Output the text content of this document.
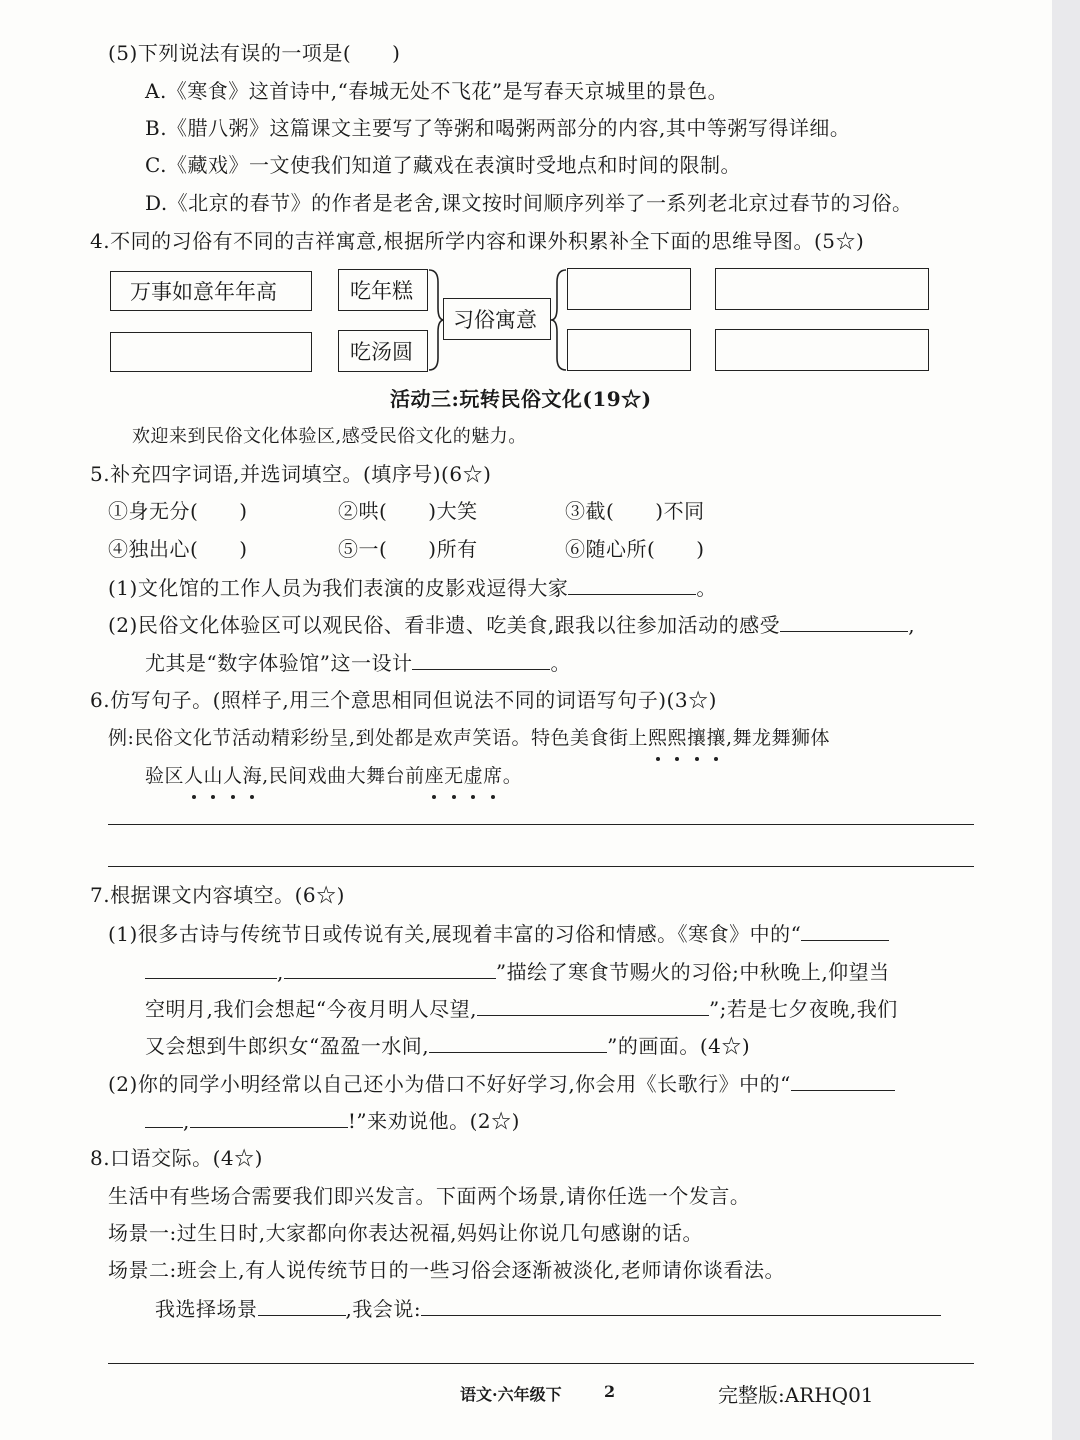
(5)下列说法有误的一项是(　　)
A.《寒食》这首诗中,“春城无处不飞花”是写春天京城里的景色。
B.《腊八粥》这篇课文主要写了等粥和喝粥两部分的内容,其中等粥写得详细。
C.《藏戏》一文使我们知道了藏戏在表演时受地点和时间的限制。
D.《北京的春节》的作者是老舍,课文按时间顺序列举了一系列老北京过春节的习俗。
4.不同的习俗有不同的吉祥寓意,根据所学内容和课外积累补全下面的思维导图。(5☆)
万事如意年年高	吃年糕
吃汤圆
习俗寓意
活动三:玩转民俗文化(19☆)
欢迎来到民俗文化体验区,感受民俗文化的魅力。
5.补充四字词语,并选词填空。(填序号)(6☆)
①身无分(　　)	②哄(　　)大笑	③截(　　)不同
④独出心(　　)	⑤一(　　)所有	⑥随心所(　　)
(1)文化馆的工作人员为我们表演的皮影戏逗得大家	。
(2)民俗文化体验区可以观民俗、看非遗、吃美食,跟我以往参加活动的感受	,
尤其是“数字体验馆”这一设计	。
6.仿写句子。(照样子,用三个意思相同但说法不同的词语写句子)(3☆)
例:民俗文化节活动精彩纷呈,到处都是欢声笑语。特色美食街上熙熙攘攘,舞龙舞狮体
验区人山人海,民间戏曲大舞台前座无虚席。
7.根据课文内容填空。(6☆)
(1)很多古诗与传统节日或传说有关,展现着丰富的习俗和情感。《寒食》中的“
,	”描绘了寒食节赐火的习俗;中秋晚上,仰望当
空明月,我们会想起“今夜月明人尽望,	”;若是七夕夜晚,我们
又会想到牛郎织女“盈盈一水间,	”的画面。(4☆)
(2)你的同学小明经常以自己还小为借口不好好学习,你会用《长歌行》中的“
,	!”来劝说他。(2☆)
8.口语交际。(4☆)
生活中有些场合需要我们即兴发言。下面两个场景,请你任选一个发言。
场景一:过生日时,大家都向你表达祝福,妈妈让你说几句感谢的话。
场景二:班会上,有人说传统节日的一些习俗会逐渐被淡化,老师请你谈看法。
我选择场景	,我会说:
语文·六年级下	2	完整版:ARHQ01
